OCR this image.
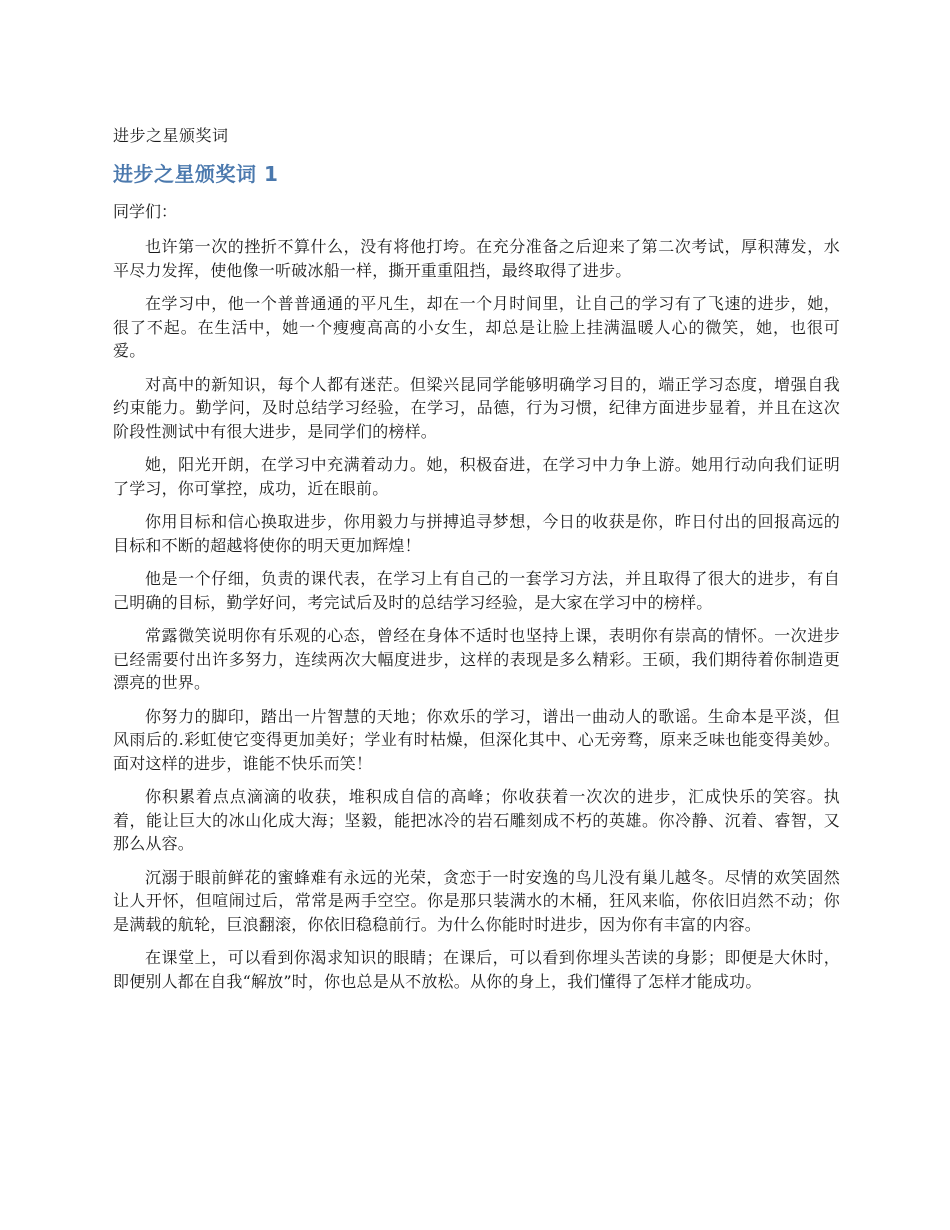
进步之星颁奖词
进步之星颁奖词 1
同学们：

也许第一次的挫折不算什么，没有将他打垮。在充分准备之后迎来了第二次考试，厚积薄发，水平尽力发挥，使他像一听破冰船一样，撕开重重阻挡，最终取得了进步。

在学习中，他一个普普通通的平凡生，却在一个月时间里，让自己的学习有了飞速的进步，她，很了不起。在生活中，她一个瘦瘦高高的小女生，却总是让脸上挂满温暖人心的微笑，她，也很可爱。

对高中的新知识，每个人都有迷茫。但梁兴昆同学能够明确学习目的，端正学习态度，增强自我约束能力。勤学问，及时总结学习经验，在学习，品德，行为习惯，纪律方面进步显着，并且在这次阶段性测试中有很大进步，是同学们的榜样。

她，阳光开朗，在学习中充满着动力。她，积极奋进，在学习中力争上游。她用行动向我们证明了学习，你可掌控，成功，近在眼前。

你用目标和信心换取进步，你用毅力与拼搏追寻梦想，今日的收获是你，昨日付出的回报高远的目标和不断的超越将使你的明天更加辉煌！

他是一个仔细，负责的课代表，在学习上有自己的一套学习方法，并且取得了很大的进步，有自己明确的目标，勤学好问，考完试后及时的总结学习经验，是大家在学习中的榜样。

常露微笑说明你有乐观的心态，曾经在身体不适时也坚持上课，表明你有崇高的情怀。一次进步已经需要付出许多努力，连续两次大幅度进步，这样的表现是多么精彩。王硕，我们期待着你制造更漂亮的世界。

你努力的脚印，踏出一片智慧的天地；你欢乐的学习，谱出一曲动人的歌谣。生命本是平淡，但风雨后的.彩虹使它变得更加美好；学业有时枯燥，但深化其中、心无旁骛，原来乏味也能变得美妙。面对这样的进步，谁能不快乐而笑！

你积累着点点滴滴的收获，堆积成自信的高峰；你收获着一次次的进步，汇成快乐的笑容。执着，能让巨大的冰山化成大海；坚毅，能把冰冷的岩石雕刻成不朽的英雄。你冷静、沉着、睿智，又那么从容。

沉溺于眼前鲜花的蜜蜂难有永远的光荣，贪恋于一时安逸的鸟儿没有巢儿越冬。尽情的欢笑固然让人开怀，但喧闹过后，常常是两手空空。你是那只装满水的木桶，狂风来临，你依旧岿然不动；你是满载的航轮，巨浪翻滚，你依旧稳稳前行。为什么你能时时进步，因为你有丰富的内容。

在课堂上，可以看到你渴求知识的眼睛；在课后，可以看到你埋头苦读的身影；即便是大休时，即便别人都在自我“解放”时，你也总是从不放松。从你的身上，我们懂得了怎样才能成功。
